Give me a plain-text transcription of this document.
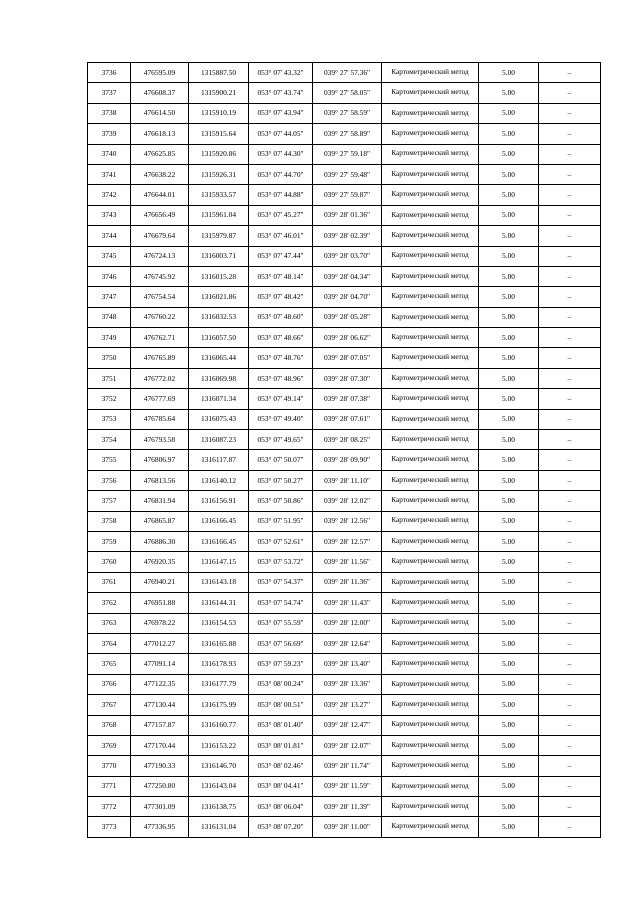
3736	476595.09	1315887.50	053° 07' 43.32"	039° 27' 57.36"	Картометрический метод	5.00	–
3737	476608.37	1315900.21	053° 07' 43.74"	039° 27' 58.05"	Картометрический метод	5.00	–
3738	476614.50	1315910.19	053° 07' 43.94"	039° 27' 58.59"	Картометрический метод	5.00	–
3739	476618.13	1315915.64	053° 07' 44.05"	039° 27' 58.89"	Картометрический метод	5.00	–
3740	476625.85	1315920.86	053° 07' 44.30"	039° 27' 59.18"	Картометрический метод	5.00	–
3741	476638.22	1315926.31	053° 07' 44.70"	039° 27' 59.48"	Картометрический метод	5.00	–
3742	476644.01	1315933.57	053° 07' 44.88"	039° 27' 59.87"	Картометрический метод	5.00	–
3743	476656.49	1315961.04	053° 07' 45.27"	039° 28' 01.36"	Картометрический метод	5.00	–
3744	476679.64	1315979.87	053° 07' 46.01"	039° 28' 02.39"	Картометрический метод	5.00	–
3745	476724.13	1316003.71	053° 07' 47.44"	039° 28' 03.70"	Картометрический метод	5.00	–
3746	476745.92	1316015.28	053° 07' 48.14"	039° 28' 04.34"	Картометрический метод	5.00	–
3747	476754.54	1316021.86	053° 07' 48.42"	039° 28' 04.70"	Картометрический метод	5.00	–
3748	476760.22	1316032.53	053° 07' 48.60"	039° 28' 05.28"	Картометрический метод	5.00	–
3749	476762.71	1316057.50	053° 07' 48.66"	039° 28' 06.62"	Картометрический метод	5.00	–
3750	476765.89	1316065.44	053° 07' 48.76"	039° 28' 07.05"	Картометрический метод	5.00	–
3751	476772.02	1316069.98	053° 07' 48.96"	039° 28' 07.30"	Картометрический метод	5.00	–
3752	476777.69	1316071.34	053° 07' 49.14"	039° 28' 07.38"	Картометрический метод	5.00	–
3753	476785.64	1316075.43	053° 07' 49.40"	039° 28' 07.61"	Картометрический метод	5.00	–
3754	476793.58	1316087.23	053° 07' 49.65"	039° 28' 08.25"	Картометрический метод	5.00	–
3755	476806.97	1316117.87	053° 07' 50.07"	039° 28' 09.90"	Картометрический метод	5.00	–
3756	476813.56	1316140.12	053° 07' 50.27"	039° 28' 11.10"	Картометрический метод	5.00	–
3757	476831.94	1316156.91	053° 07' 50.86"	039° 28' 12.02"	Картометрический метод	5.00	–
3758	476865.87	1316166.45	053° 07' 51.95"	039° 28' 12.56"	Картометрический метод	5.00	–
3759	476886.30	1316166.45	053° 07' 52.61"	039° 28' 12.57"	Картометрический метод	5.00	–
3760	476920.35	1316147.15	053° 07' 53.72"	039° 28' 11.56"	Картометрический метод	5.00	–
3761	476940.21	1316143.18	053° 07' 54.37"	039° 28' 11.36"	Картометрический метод	5.00	–
3762	476951.88	1316144.31	053° 07' 54.74"	039° 28' 11.43"	Картометрический метод	5.00	–
3763	476978.22	1316154.53	053° 07' 55.59"	039° 28' 12.00"	Картометрический метод	5.00	–
3764	477012.27	1316165.88	053° 07' 56.69"	039° 28' 12.64"	Картометрический метод	5.00	–
3765	477091.14	1316178.93	053° 07' 59.23"	039° 28' 13.40"	Картометрический метод	5.00	–
3766	477122.35	1316177.79	053° 08' 00.24"	039° 28' 13.36"	Картометрический метод	5.00	–
3767	477130.44	1316175.99	053° 08' 00.51"	039° 28' 13.27"	Картометрический метод	5.00	–
3768	477157.87	1316160.77	053° 08' 01.40"	039° 28' 12.47"	Картометрический метод	5.00	–
3769	477170.44	1316153.22	053° 08' 01.81"	039° 28' 12.07"	Картометрический метод	5.00	–
3770	477190.33	1316146.70	053° 08' 02.46"	039° 28' 11.74"	Картометрический метод	5.00	–
3771	477250.80	1316143.04	053° 08' 04.41"	039° 28' 11.59"	Картометрический метод	5.00	–
3772	477301.09	1316138.75	053° 08' 06.04"	039° 28' 11.39"	Картометрический метод	5.00	–
3773	477336.95	1316131.04	053° 08' 07.20"	039° 28' 11.00"	Картометрический метод	5.00	–
